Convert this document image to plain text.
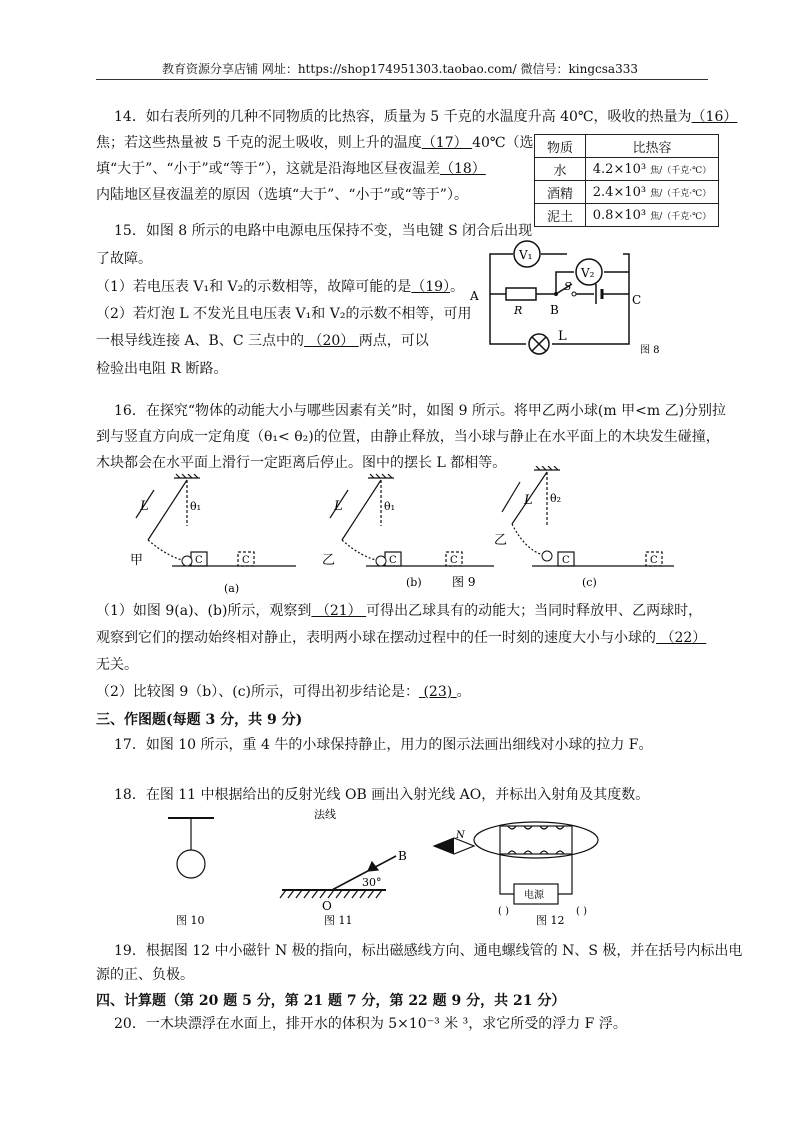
教育资源分享店铺 网址：https://shop174951303.taobao.com/ 微信号：kingcsa333
14．如右表所列的几种不同物质的比热容，质量为 5 千克的水温度升高 40℃，吸收的热量为（16）
焦；若这些热量被 5 千克的泥土吸收，则上升的温度（17） 40℃（选
填“大于”、“小于”或“等于”），这就是沿海地区昼夜温差（18）
内陆地区昼夜温差的原因（选填“大于”、“小于”或“等于”）。
物质	比热容
水	4.2×10³ 焦/（千克·℃）
酒精	2.4×10³ 焦/（千克·℃）
泥土	0.8×10³ 焦/（千克·℃）
15．如图 8 所示的电路中电源电压保持不变，当电键 S 闭合后出现
了故障。
（1）若电压表 V₁和 V₂的示数相等，故障可能的是（19）。
（2）若灯泡 L 不发光且电压表 V₁和 V₂的示数不相等，可用
一根导线连接 A、B、C 三点中的 （20） 两点，可以
检验出电阻 R 断路。
V₁
V₂
A
R B
S
C
L
图 8
16．在探究“物体的动能大小与哪些因素有关”时，如图 9 所示。将甲乙两小球(m 甲<m 乙)分别拉
到与竖直方向成一定角度（θ₁< θ₂)的位置，由静止释放，当小球与静止在水平面上的木块发生碰撞，
木块都会在水平面上滑行一定距离后停止。图中的摆长 L 都相等。
L	θ₁
甲	C	C
(a)
L	θ₁
乙	C	C
(b)	图 9
L θ₂
乙
C	C
(c)
（1）如图 9(a)、(b)所示，观察到 （21） 可得出乙球具有的动能大；当同时释放甲、乙两球时，
观察到它们的摆动始终相对静止，表明两小球在摆动过程中的任一时刻的速度大小与小球的 （22）
无关。
（2）比较图 9（b）、(c)所示，可得出初步结论是： (23) 。
三、作图题(每题 3 分，共 9 分)
17．如图 10 所示，重 4 牛的小球保持静止，用力的图示法画出细线对小球的拉力 F。
18．在图 11 中根据给出的反射光线 OB 画出入射光线 AO，并标出入射角及其度数。
图 10
法线
B
O
30°
图 11
N
电源
( )	( )
图 12
19．根据图 12 中小磁针 N 极的指向，标出磁感线方向、通电螺线管的 N、S 极，并在括号内标出电
源的正、负极。
四、计算题（第 20 题 5 分，第 21 题 7 分，第 22 题 9 分，共 21 分）
20．一木块漂浮在水面上，排开水的体积为 5×10⁻³ 米 ³，求它所受的浮力 F 浮。
